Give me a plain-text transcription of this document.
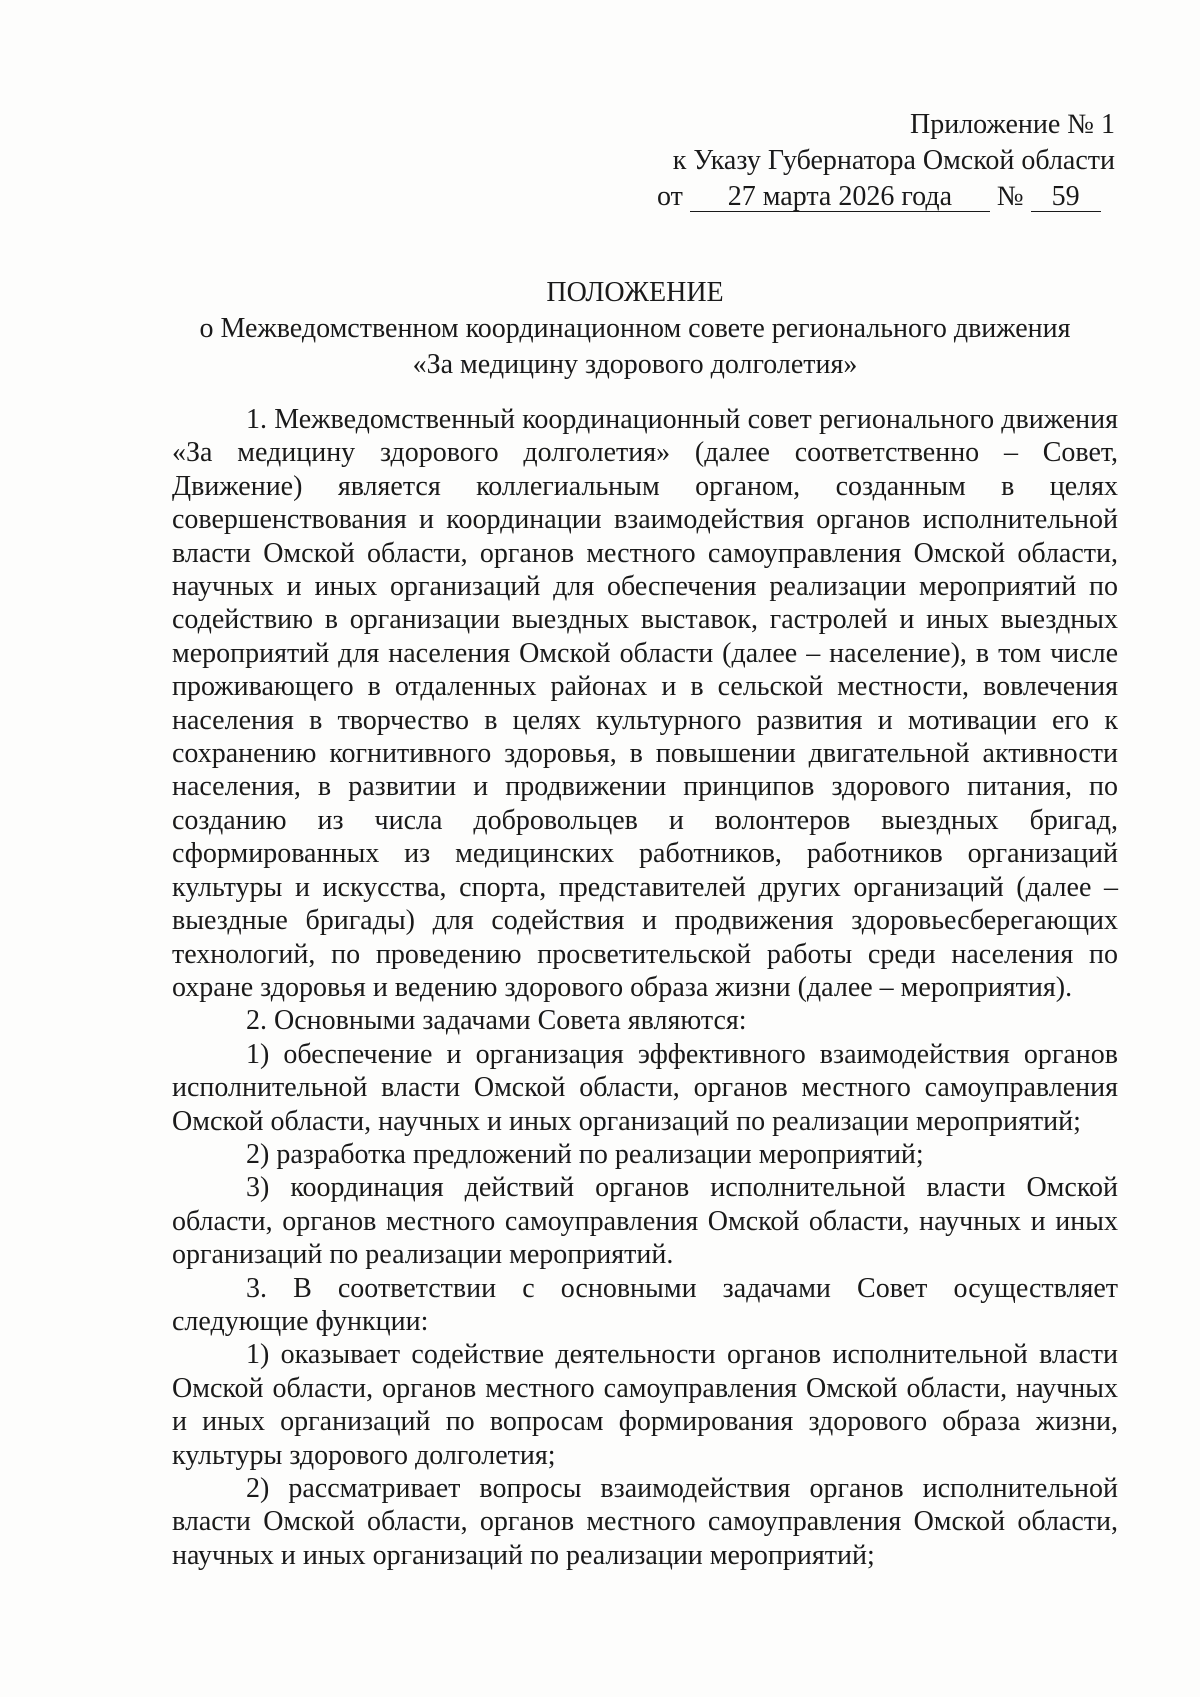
Приложение № 1
к Указу Губернатора Омской области
от 27 марта 2026 года № 59
ПОЛОЖЕНИЕ
о Межведомственном координационном совете регионального движения
«За медицину здорового долголетия»

1. Межведомственный координационный совет регионального движения «За медицину здорового долголетия» (далее соответственно – Совет, Движение) является коллегиальным органом, созданным в целях совершенствования и координации взаимодействия органов исполнительной власти Омской области, органов местного самоуправления Омской области, научных и иных организаций для обеспечения реализации мероприятий по содействию в организации выездных выставок, гастролей и иных выездных мероприятий для населения Омской области (далее – население), в том числе проживающего в отдаленных районах и в сельской местности, вовлечения населения в творчество в целях культурного развития и мотивации его к сохранению когнитивного здоровья, в повышении двигательной активности населения, в развитии и продвижении принципов здорового питания, по созданию из числа добровольцев и волонтеров выездных бригад, сформированных из медицинских работников, работников организаций культуры и искусства, спорта, представителей других организаций (далее – выездные бригады) для содействия и продвижения здоровьесберегающих технологий, по проведению просветительской работы среди населения по охране здоровья и ведению здорового образа жизни (далее – мероприятия).

2. Основными задачами Совета являются:

1) обеспечение и организация эффективного взаимодействия органов исполнительной власти Омской области, органов местного самоуправления Омской области, научных и иных организаций по реализации мероприятий;

2) разработка предложений по реализации мероприятий;

3) координация действий органов исполнительной власти Омской области, органов местного самоуправления Омской области, научных и иных организаций по реализации мероприятий.

3. В соответствии с основными задачами Совет осуществляет следующие функции:

1) оказывает содействие деятельности органов исполнительной власти Омской области, органов местного самоуправления Омской области, научных и иных организаций по вопросам формирования здорового образа жизни, культуры здорового долголетия;

2) рассматривает вопросы взаимодействия органов исполнительной власти Омской области, органов местного самоуправления Омской области, научных и иных организаций по реализации мероприятий;
